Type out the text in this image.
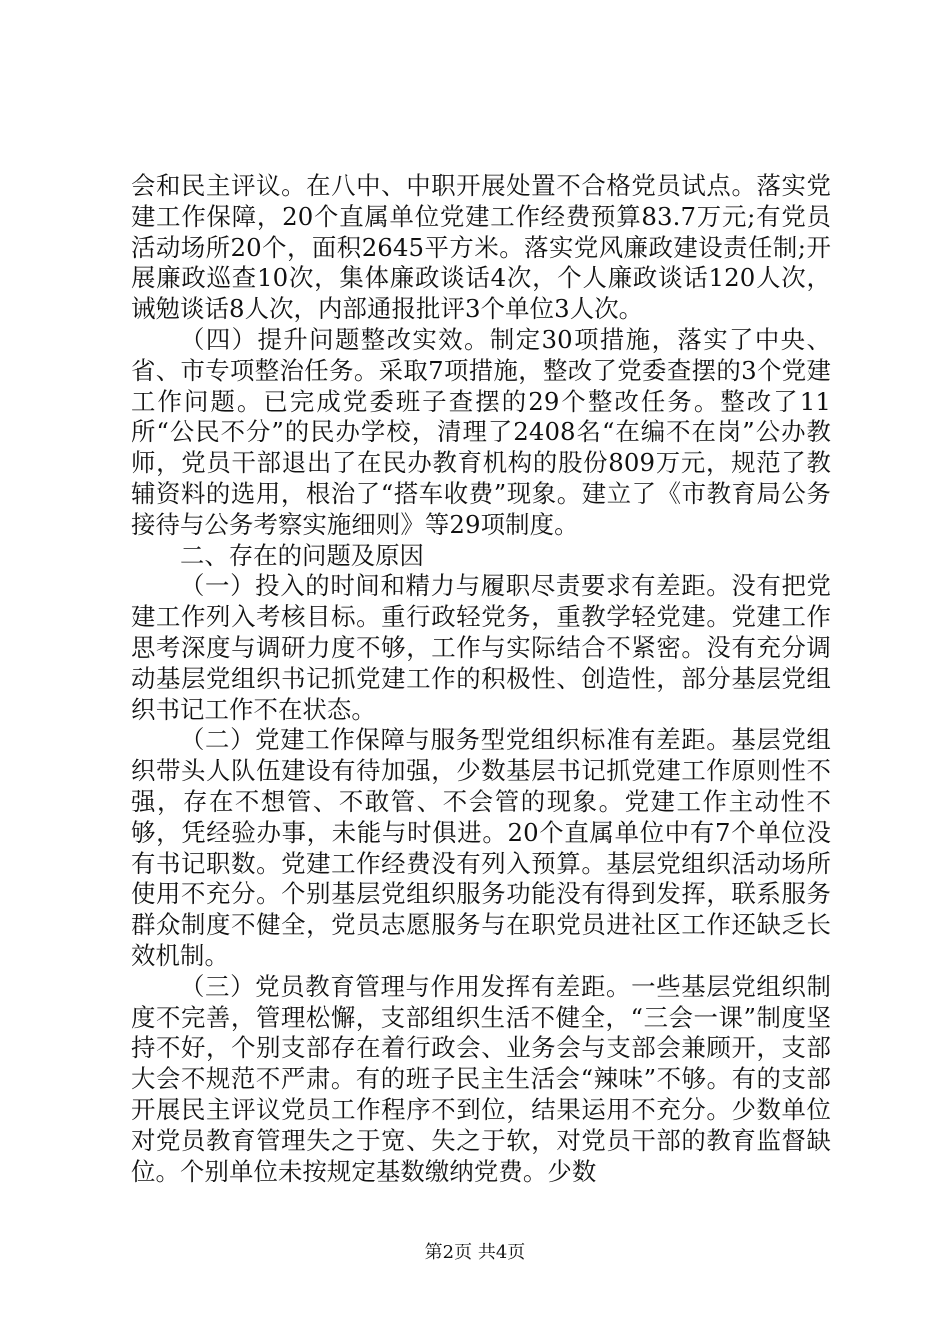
会和民主评议。在八中、中职开展处置不合格党员试点。落实党建工作保障，20个直属单位党建工作经费预算83.7万元;有党员活动场所20个，面积2645平方米。落实党风廉政建设责任制;开展廉政巡查10次，集体廉政谈话4次，个人廉政谈话120人次，诫勉谈话8人次，内部通报批评3个单位3人次。

（四）提升问题整改实效。制定30项措施，落实了中央、省、市专项整治任务。采取7项措施，整改了党委查摆的3个党建工作问题。已完成党委班子查摆的29个整改任务。整改了11所“公民不分”的民办学校，清理了2408名“在编不在岗”公办教师，党员干部退出了在民办教育机构的股份809万元，规范了教辅资料的选用，根治了“搭车收费”现象。建立了《市教育局公务接待与公务考察实施细则》等29项制度。

二、存在的问题及原因

（一）投入的时间和精力与履职尽责要求有差距。没有把党建工作列入考核目标。重行政轻党务，重教学轻党建。党建工作思考深度与调研力度不够，工作与实际结合不紧密。没有充分调动基层党组织书记抓党建工作的积极性、创造性，部分基层党组织书记工作不在状态。

（二）党建工作保障与服务型党组织标准有差距。基层党组织带头人队伍建设有待加强，少数基层书记抓党建工作原则性不强，存在不想管、不敢管、不会管的现象。党建工作主动性不够，凭经验办事，未能与时俱进。20个直属单位中有7个单位没有书记职数。党建工作经费没有列入预算。基层党组织活动场所使用不充分。个别基层党组织服务功能没有得到发挥，联系服务群众制度不健全，党员志愿服务与在职党员进社区工作还缺乏长效机制。

（三）党员教育管理与作用发挥有差距。一些基层党组织制度不完善，管理松懈，支部组织生活不健全，“三会一课”制度坚持不好，个别支部存在着行政会、业务会与支部会兼顾开，支部大会不规范不严肃。有的班子民主生活会“辣味”不够。有的支部开展民主评议党员工作程序不到位，结果运用不充分。少数单位对党员教育管理失之于宽、失之于软，对党员干部的教育监督缺位。个别单位未按规定基数缴纳党费。少数

第2页 共4页
